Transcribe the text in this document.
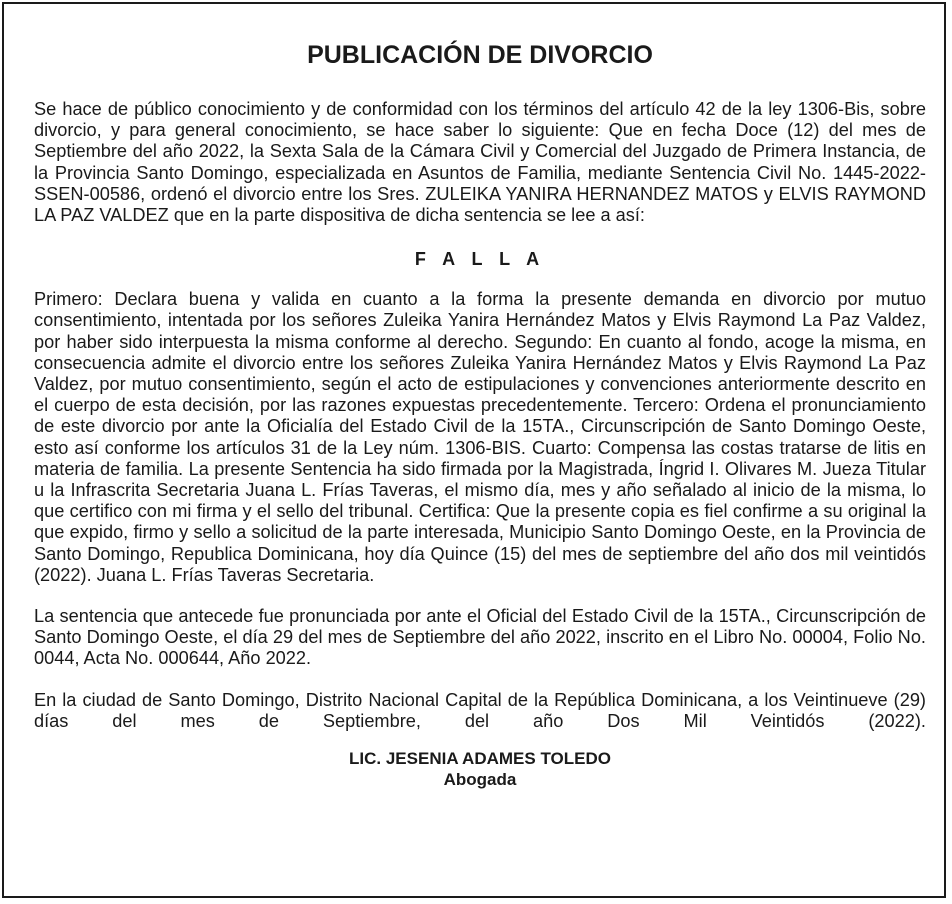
PUBLICACIÓN DE DIVORCIO

Se hace de público conocimiento y de conformidad con los términos del artículo 42 de la ley 1306-Bis, sobre divorcio, y para general conocimiento, se hace saber lo siguiente: Que en fecha Doce (12) del mes de Septiembre del año 2022, la Sexta Sala de la Cámara Civil y Comercial del Juzgado de Primera Instancia, de la Provincia Santo Domingo, especializada en Asuntos de Familia, mediante Sentencia Civil No. 1445-2022-SSEN-00586, ordenó el divorcio entre los Sres. ZULEIKA YANIRA HERNANDEZ MATOS y ELVIS RAYMOND LA PAZ VALDEZ que en la parte dispositiva de dicha sentencia se lee a así:

F A L L A

Primero: Declara buena y valida en cuanto a la forma la presente demanda en divorcio por mutuo consentimiento, intentada por los señores Zuleika Yanira Hernández Matos y Elvis Raymond La Paz Valdez, por haber sido interpuesta la misma conforme al derecho. Segundo: En cuanto al fondo, acoge la misma, en consecuencia admite el divorcio entre los señores Zuleika Yanira Hernández Matos y Elvis Raymond La Paz Valdez, por mutuo consentimiento, según el acto de estipulaciones y convenciones anteriormente descrito en el cuerpo de esta decisión, por las razones expuestas precedentemente. Tercero: Ordena el pronunciamiento de este divorcio por ante la Oficialía del Estado Civil de la 15TA., Circunscripción de Santo Domingo Oeste, esto así conforme los artículos 31 de la Ley núm. 1306-BIS. Cuarto: Compensa las costas tratarse de litis en materia de familia. La presente Sentencia ha sido firmada por la Magistrada, Íngrid I. Olivares M. Jueza Titular u la Infrascrita Secretaria Juana L. Frías Taveras, el mismo día, mes y año señalado al inicio de la misma, lo que certifico con mi firma y el sello del tribunal. Certifica: Que la presente copia es fiel confirme a su original la que expido, firmo y sello a solicitud de la parte interesada, Municipio Santo Domingo Oeste, en la Provincia de Santo Domingo, Republica Dominicana, hoy día Quince (15) del mes de septiembre del año dos mil veintidós (2022). Juana L. Frías Taveras Secretaria.

La sentencia que antecede fue pronunciada por ante el Oficial del Estado Civil de la 15TA., Circunscripción de Santo Domingo Oeste, el día 29 del mes de Septiembre del año 2022, inscrito en el Libro No. 00004, Folio No. 0044, Acta No. 000644, Año 2022.

En la ciudad de Santo Domingo, Distrito Nacional Capital de la República Dominicana, a los Veintinueve (29) días del mes de Septiembre, del año Dos Mil Veintidós (2022).

LIC. JESENIA ADAMES TOLEDO
Abogada
